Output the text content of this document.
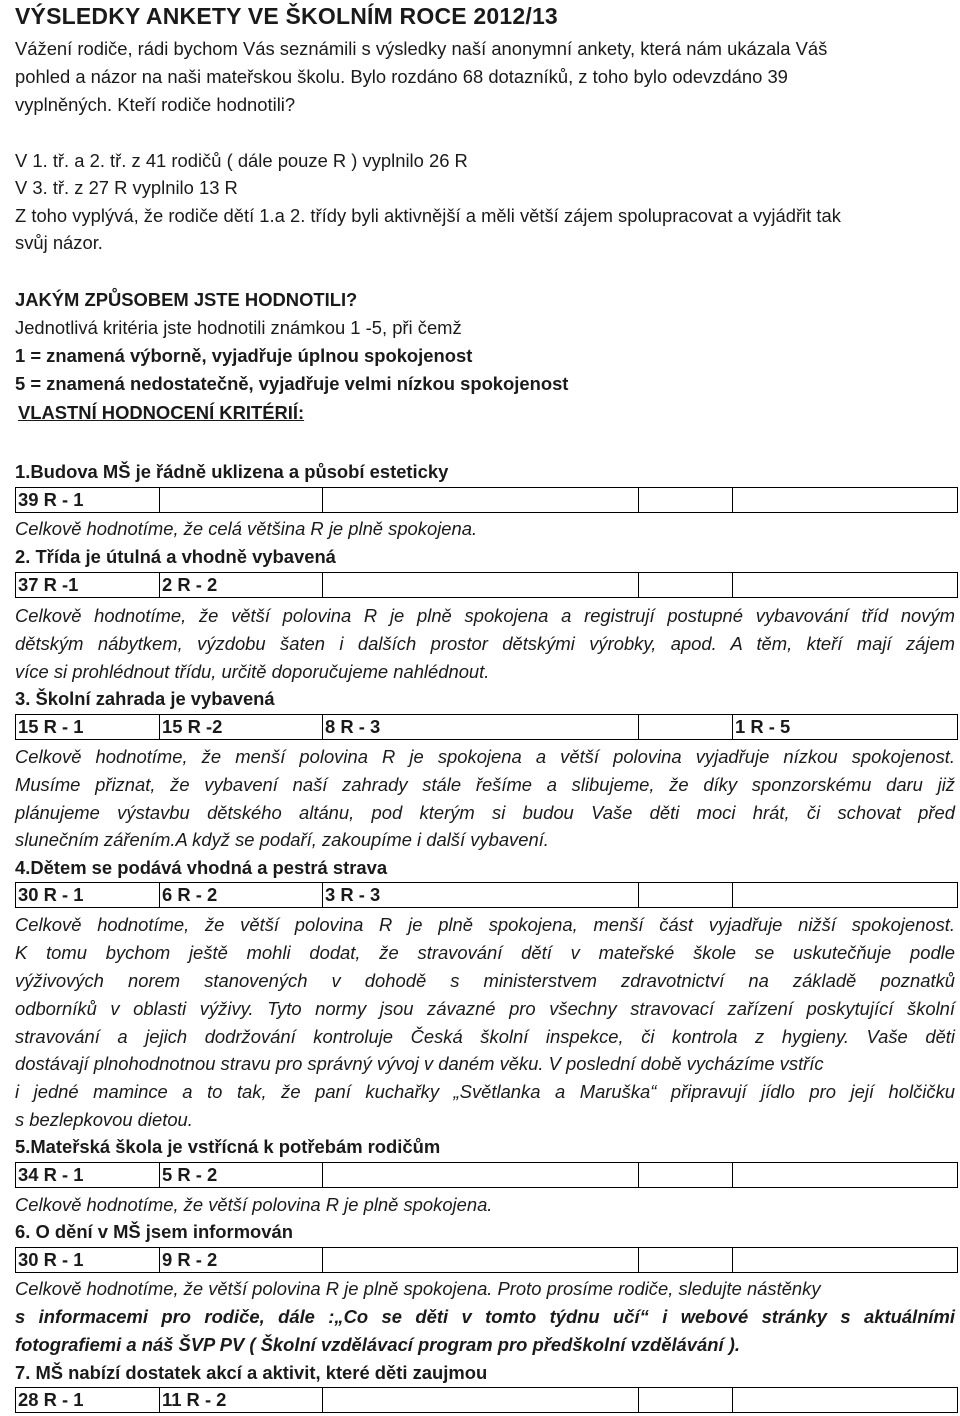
VÝSLEDKY ANKETY VE ŠKOLNÍM ROCE 2012/13
Vážení rodiče, rádi bychom Vás seznámili s výsledky naší anonymní ankety, která nám ukázala Váš
pohled a názor na naši mateřskou školu. Bylo rozdáno 68 dotazníků, z toho bylo odevzdáno 39
vyplněných. Kteří rodiče hodnotili?
V 1. tř. a 2. tř. z 41 rodičů ( dále pouze R ) vyplnilo 26 R
V 3. tř. z 27 R vyplnilo 13 R
Z toho vyplývá, že rodiče dětí 1.a 2. třídy byli aktivnější a měli větší zájem spolupracovat a vyjádřit tak
svůj názor.
JAKÝM ZPŮSOBEM JSTE HODNOTILI?
Jednotlivá kritéria jste hodnotili známkou 1 -5, při čemž
1 = znamená výborně, vyjadřuje úplnou spokojenost
5 = znamená nedostatečně, vyjadřuje velmi nízkou spokojenost
VLASTNÍ HODNOCENÍ KRITÉRIÍ:
1.Budova MŠ je řádně uklizena a působí esteticky
39 R - 1				
Celkově hodnotíme, že celá většina R je plně spokojena.
2. Třída je útulná a vhodně vybavená
37 R -1	2 R - 2			
Celkově hodnotíme, že větší polovina R je plně spokojena a registrují postupné vybavování tříd novým
dětským nábytkem, výzdobu šaten i dalších prostor dětskými výrobky, apod. A těm, kteří mají zájem
více si prohlédnout třídu, určitě doporučujeme nahlédnout.
3. Školní zahrada je vybavená
15 R - 1	15 R -2	8 R - 3		1 R - 5
Celkově hodnotíme, že menší polovina R je spokojena a větší polovina vyjadřuje nízkou spokojenost.
Musíme přiznat, že vybavení naší zahrady stále řešíme a slibujeme, že díky sponzorskému daru již
plánujeme výstavbu dětského altánu, pod kterým si budou Vaše děti moci hrát, či schovat před
slunečním zářením.A když se podaří, zakoupíme i další vybavení.
4.Dětem se podává vhodná a pestrá strava
30 R - 1	6 R - 2	3 R - 3		
Celkově hodnotíme, že větší polovina R je plně spokojena, menší část vyjadřuje nižší spokojenost.
K tomu bychom ještě mohli dodat, že stravování dětí v mateřské škole se uskutečňuje podle
výživových norem stanovených v dohodě s ministerstvem zdravotnictví na základě poznatků
odborníků v oblasti výživy. Tyto normy jsou závazné pro všechny stravovací zařízení poskytující školní
stravování a jejich dodržování kontroluje Česká školní inspekce, či kontrola z hygieny. Vaše děti
dostávají plnohodnotnou stravu pro správný vývoj v daném věku. V poslední době vycházíme vstříc
i jedné mamince a to tak, že paní kuchařky „Světlanka a Maruška“ připravují jídlo pro její holčičku
s bezlepkovou dietou.
5.Mateřská škola je vstřícná k potřebám rodičům
34 R - 1	5 R - 2			
Celkově hodnotíme, že větší polovina R je plně spokojena.
6. O dění v MŠ jsem informován
30 R - 1	9 R - 2			
Celkově hodnotíme, že větší polovina R je plně spokojena. Proto prosíme rodiče, sledujte nástěnky
s informacemi pro rodiče, dále :„Co se děti v tomto týdnu učí“ i webové stránky s aktuálními
fotografiemi a náš ŠVP PV ( Školní vzdělávací program pro předškolní vzdělávání ).
7. MŠ nabízí dostatek akcí a aktivit, které děti zaujmou
28 R - 1	11 R - 2			
